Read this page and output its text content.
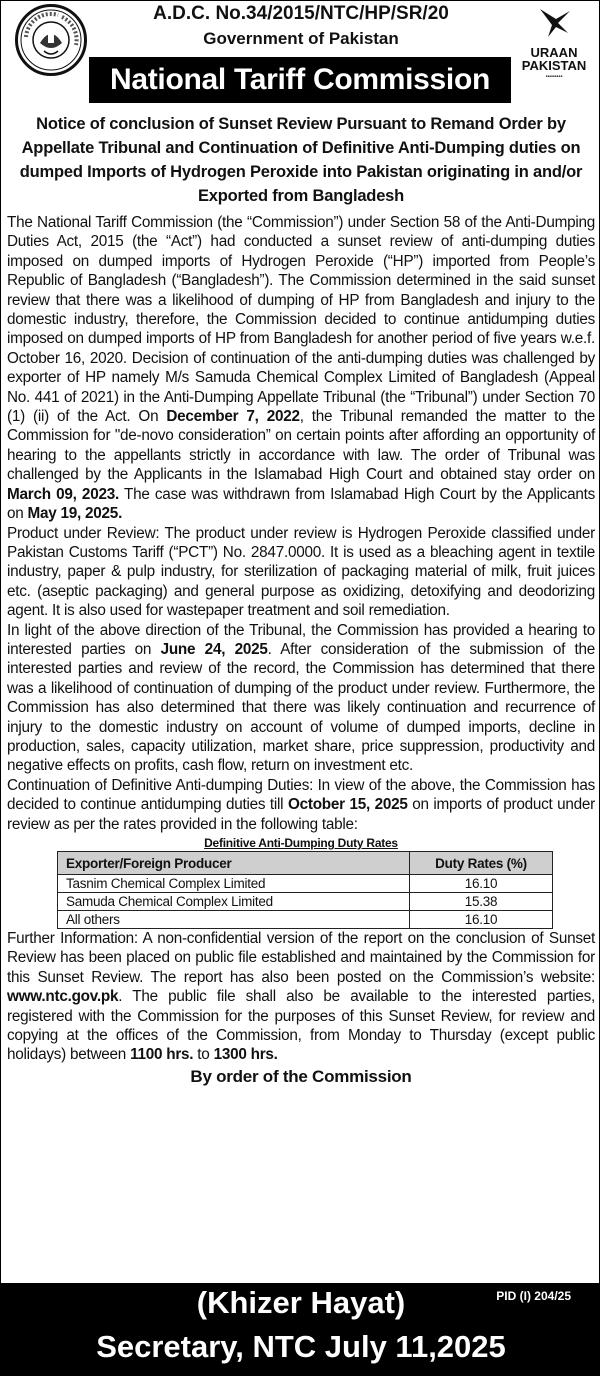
A.D.C. No.34/2015/NTC/HP/SR/20
Government of Pakistan
URAAN
PAKISTAN
▪▪▪▪▪▪▪▪
National Tariff Commission
Notice of conclusion of Sunset Review Pursuant to Remand Order by Appellate Tribunal and Continuation of Definitive Anti-Dumping duties on dumped Imports of Hydrogen Peroxide into Pakistan originating in and/or Exported from Bangladesh

The National Tariff Commission (the “Commission”) under Section 58 of the Anti-Dumping Duties Act, 2015 (the “Act”) had conducted a sunset review of anti-dumping duties imposed on dumped imports of Hydrogen Peroxide (“HP”) imported from People’s Republic of Bangladesh (“Bangladesh”). The Commission determined in the said sunset review that there was a likelihood of dumping of HP from Bangladesh and injury to the domestic industry, therefore, the Commission decided to continue antidumping duties imposed on dumped imports of HP from Bangladesh for another period of five years w.e.f. October 16, 2020. Decision of continuation of the anti-dumping duties was challenged by exporter of HP namely M/s Samuda Chemical Complex Limited of Bangladesh (Appeal No. 441 of 2021) in the Anti-Dumping Appellate Tribunal (the “Tribunal”) under Section 70 (1) (ii) of the Act. On December 7, 2022, the Tribunal remanded the matter to the Commission for "de-novo consideration” on certain points after affording an opportunity of hearing to the appellants strictly in accordance with law. The order of Tribunal was challenged by the Applicants in the Islamabad High Court and obtained stay order on March 09, 2023. The case was withdrawn from Islamabad High Court by the Applicants on May 19, 2025.

Product under Review: The product under review is Hydrogen Peroxide classified under Pakistan Customs Tariff (“PCT”) No. 2847.0000. It is used as a bleaching agent in textile industry, paper & pulp industry, for sterilization of packaging material of milk, fruit juices etc. (aseptic packaging) and general purpose as oxidizing, detoxifying and deodorizing agent. It is also used for wastepaper treatment and soil remediation.

In light of the above direction of the Tribunal, the Commission has provided a hearing to interested parties on June 24, 2025. After consideration of the submission of the interested parties and review of the record, the Commission has determined that there was a likelihood of continuation of dumping of the product under review. Furthermore, the Commission has also determined that there was likely continuation and recurrence of injury to the domestic industry on account of volume of dumped imports, decline in production, sales, capacity utilization, market share, price suppression, productivity and negative effects on profits, cash flow, return on investment etc.

Continuation of Definitive Anti-dumping Duties: In view of the above, the Commission has decided to continue antidumping duties till October 15, 2025 on imports of product under review as per the rates provided in the following table:

Definitive Anti-Dumping Duty Rates
Exporter/Foreign Producer	Duty Rates (%)
Tasnim Chemical Complex Limited	16.10
Samuda Chemical Complex Limited	15.38
All others	16.10

Further Information: A non-confidential version of the report on the conclusion of Sunset Review has been placed on public file established and maintained by the Commission for this Sunset Review. The report has also been posted on the Commission’s website: www.ntc.gov.pk. The public file shall also be available to the interested parties, registered with the Commission for the purposes of this Sunset Review, for review and copying at the offices of the Commission, from Monday to Thursday (except public holidays) between 1100 hrs. to 1300 hrs.

By order of the Commission
(Khizer Hayat)	PID (I) 204/25
Secretary, NTC July 11,2025
